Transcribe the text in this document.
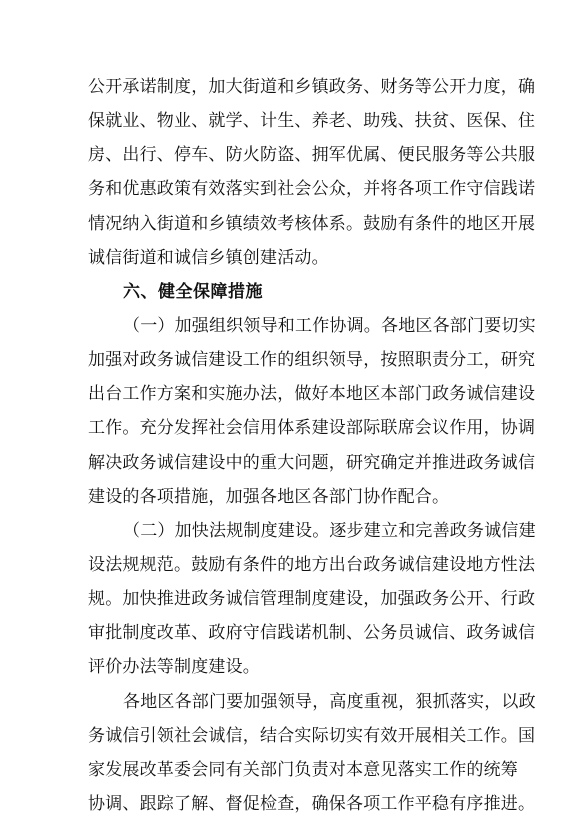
公开承诺制度，加大街道和乡镇政务、财务等公开力度，确
保就业、物业、就学、计生、养老、助残、扶贫、医保、住
房、出行、停车、防火防盗、拥军优属、便民服务等公共服
务和优惠政策有效落实到社会公众，并将各项工作守信践诺
情况纳入街道和乡镇绩效考核体系。鼓励有条件的地区开展
诚信街道和诚信乡镇创建活动。
六、健全保障措施
（一）加强组织领导和工作协调。各地区各部门要切实
加强对政务诚信建设工作的组织领导，按照职责分工，研究
出台工作方案和实施办法，做好本地区本部门政务诚信建设
工作。充分发挥社会信用体系建设部际联席会议作用，协调
解决政务诚信建设中的重大问题，研究确定并推进政务诚信
建设的各项措施，加强各地区各部门协作配合。
（二）加快法规制度建设。逐步建立和完善政务诚信建
设法规规范。鼓励有条件的地方出台政务诚信建设地方性法
规。加快推进政务诚信管理制度建设，加强政务公开、行政
审批制度改革、政府守信践诺机制、公务员诚信、政务诚信
评价办法等制度建设。
各地区各部门要加强领导，高度重视，狠抓落实，以政
务诚信引领社会诚信，结合实际切实有效开展相关工作。国
家发展改革委会同有关部门负责对本意见落实工作的统筹
协调、跟踪了解、督促检查，确保各项工作平稳有序推进。
